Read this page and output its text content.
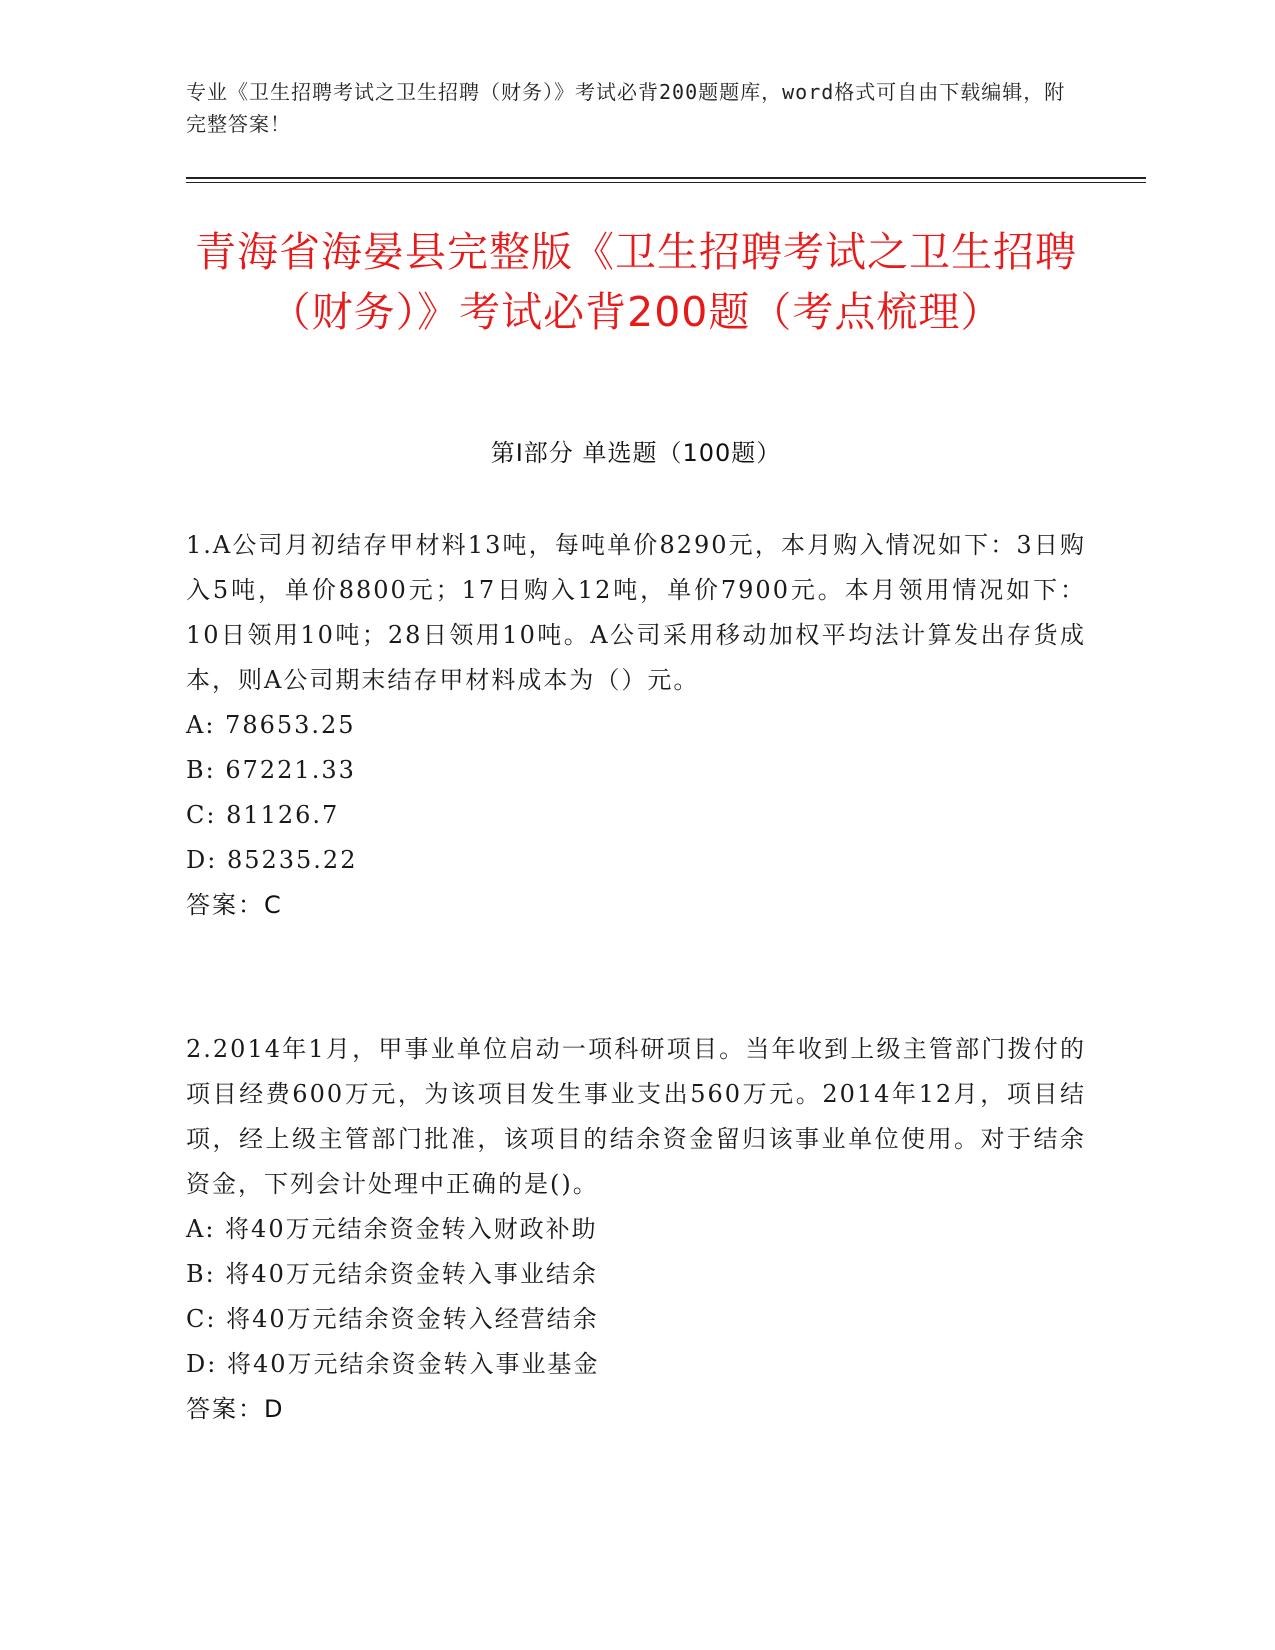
专业《卫生招聘考试之卫生招聘（财务）》考试必背200题题库，word格式可自由下载编辑，附完整答案！
青海省海晏县完整版《卫生招聘考试之卫生招聘（财务）》考试必背200题（考点梳理）
第Ⅰ部分 单选题（100题）

1.A公司月初结存甲材料13吨，每吨单价8290元，本月购入情况如下：3日购入5吨，单价8800元；17日购入12吨，单价7900元。本月领用情况如下：10日领用10吨；28日领用10吨。A公司采用移动加权平均法计算发出存货成本，则A公司期末结存甲材料成本为（）元。

A: 78653.25

B: 67221.33

C: 81126.7

D: 85235.22

答案：C

2.2014年1月，甲事业单位启动一项科研项目。当年收到上级主管部门拨付的项目经费600万元，为该项目发生事业支出560万元。2014年12月，项目结项，经上级主管部门批准，该项目的结余资金留归该事业单位使用。对于结余资金，下列会计处理中正确的是()。

A: 将40万元结余资金转入财政补助

B: 将40万元结余资金转入事业结余

C: 将40万元结余资金转入经营结余

D: 将40万元结余资金转入事业基金

答案：D
